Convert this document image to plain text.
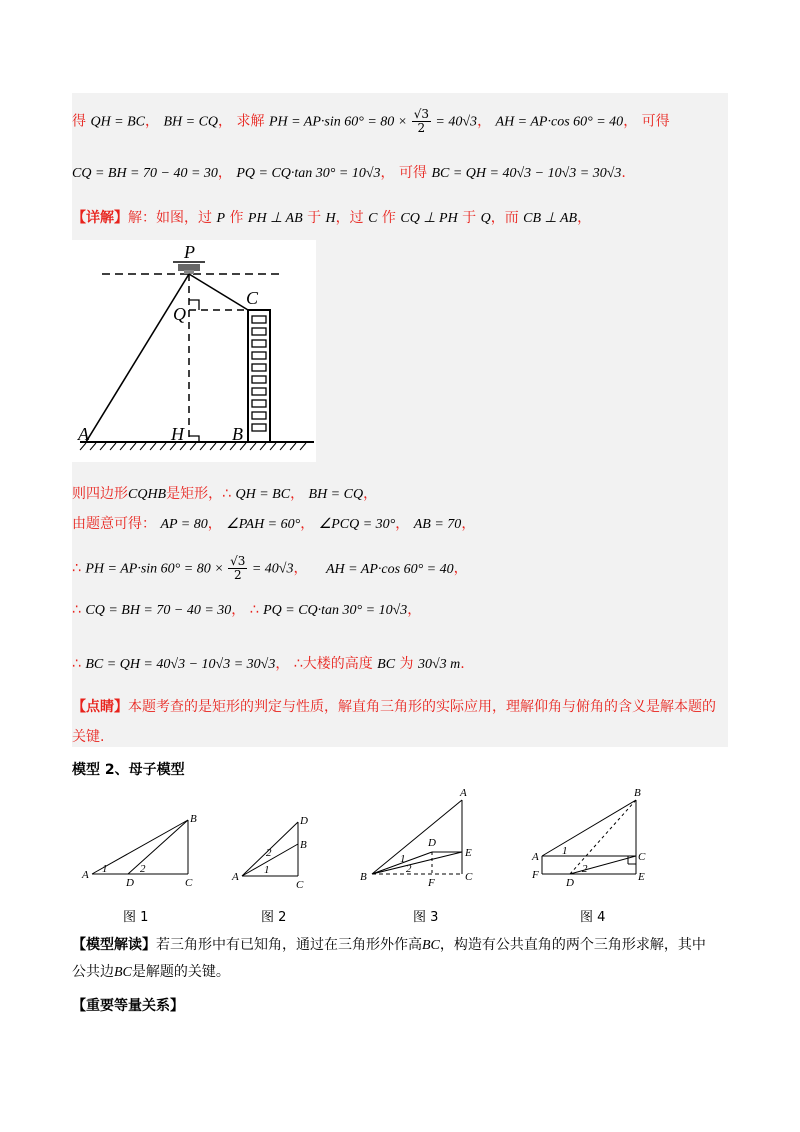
得 QH = BC， BH = CQ， 求解 PH = AP·sin $60^\circ = 80 \times \frac{√3}{2} = 40√3$， AH = AP·cos 60° = 40， 可得
CQ = BH = 70 − 40 = 30， PQ = CQ·tan 30° = 10√3， 可得 BC = QH = 40√3 − 10√3 = 30√3.
【详解】解：如图，过 P 作 PH ⊥ AB 于 H，过 C 作 CQ ⊥ PH 于 Q，而 CB ⊥ AB，
P
C
Q
A	H	B
则四边形CQHB是矩形，∴ QH = BC， BH = CQ，
由题意可得： AP = 80， ∠PAH = 60°， ∠PCQ = 30°， AB = 70，
∴ PH = AP·sin $60^\circ = 80 \times \frac{√3}{2} = 40√3$， AH = AP·cos 60° = 40，
∴ CQ = BH = 70 − 40 = 30， ∴ PQ = CQ·tan 30° = 10√3，
∴ BC = QH = 40√3 − 10√3 = 30√3， ∴大楼的高度 BC 为 30√3 m.
【点睛】本题考查的是矩形的判定与性质，解直角三角形的实际应用，理解仰角与俯角的含义是解本题的
关键.
模型 2、母子模型
B
A 1
D
2
C
D
2
B
A
1
C
A
D
E
1
2
B	F	C
B
A 1	C
F
D
2
E
图 1	图 2	图 3	图 4
【模型解读】若三角形中有已知角，通过在三角形外作高BC，构造有公共直角的两个三角形求解，其中
公共边BC是解题的关键。
【重要等量关系】
